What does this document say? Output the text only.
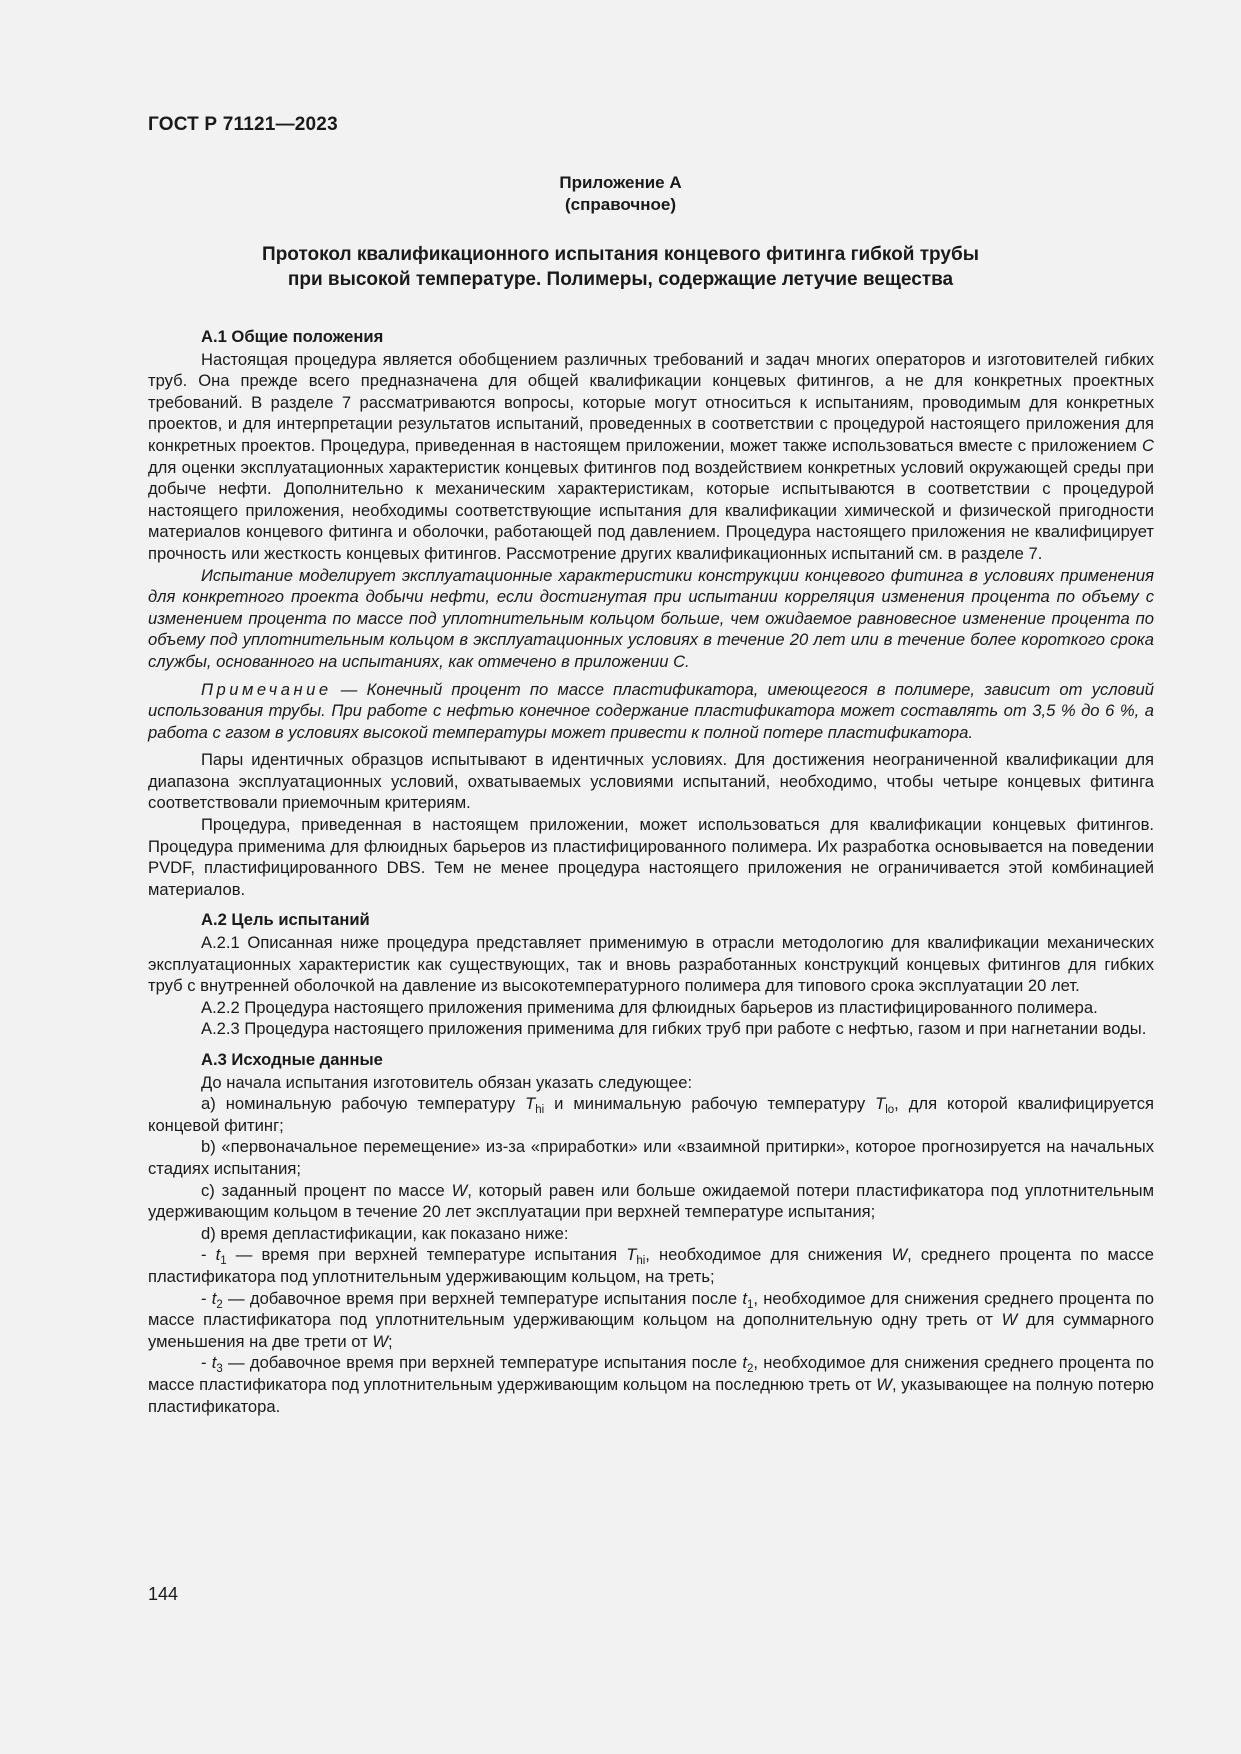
ГОСТ Р 71121—2023
Приложение А
(справочное)
Протокол квалификационного испытания концевого фитинга гибкой трубы
при высокой температуре. Полимеры, содержащие летучие вещества
А.1 Общие положения

Настоящая процедура является обобщением различных требований и задач многих операторов и изготовителей гибких труб. Она прежде всего предназначена для общей квалификации концевых фитингов, а не для конкретных проектных требований. В разделе 7 рассматриваются вопросы, которые могут относиться к испытаниям, проводимым для конкретных проектов, и для интерпретации результатов испытаний, проведенных в соответствии с процедурой настоящего приложения для конкретных проектов. Процедура, приведенная в настоящем приложении, может также использоваться вместе с приложением С для оценки эксплуатационных характеристик концевых фитингов под воздействием конкретных условий окружающей среды при добыче нефти. Дополнительно к механическим характеристикам, которые испытываются в соответствии с процедурой настоящего приложения, необходимы соответствующие испытания для квалификации химической и физической пригодности материалов концевого фитинга и оболочки, работающей под давлением. Процедура настоящего приложения не квалифицирует прочность или жесткость концевых фитингов. Рассмотрение других квалификационных испытаний см. в разделе 7.

Испытание моделирует эксплуатационные характеристики конструкции концевого фитинга в условиях применения для конкретного проекта добычи нефти, если достигнутая при испытании корреляция изменения процента по объему с изменением процента по массе под уплотнительным кольцом больше, чем ожидаемое равновесное изменение процента по объему под уплотнительным кольцом в эксплуатационных условиях в течение 20 лет или в течение более короткого срока службы, основанного на испытаниях, как отмечено в приложении С.

Примечание — Конечный процент по массе пластификатора, имеющегося в полимере, зависит от условий использования трубы. При работе с нефтью конечное содержание пластификатора может составлять от 3,5 % до 6 %, а работа с газом в условиях высокой температуры может привести к полной потере пластификатора.

Пары идентичных образцов испытывают в идентичных условиях. Для достижения неограниченной квалификации для диапазона эксплуатационных условий, охватываемых условиями испытаний, необходимо, чтобы четыре концевых фитинга соответствовали приемочным критериям.

Процедура, приведенная в настоящем приложении, может использоваться для квалификации концевых фитингов. Процедура применима для флюидных барьеров из пластифицированного полимера. Их разработка основывается на поведении PVDF, пластифицированного DBS. Тем не менее процедура настоящего приложения не ограничивается этой комбинацией материалов.

А.2 Цель испытаний

А.2.1 Описанная ниже процедура представляет применимую в отрасли методологию для квалификации механических эксплуатационных характеристик как существующих, так и вновь разработанных конструкций концевых фитингов для гибких труб с внутренней оболочкой на давление из высокотемпературного полимера для типового срока эксплуатации 20 лет.

А.2.2 Процедура настоящего приложения применима для флюидных барьеров из пластифицированного полимера.

А.2.3 Процедура настоящего приложения применима для гибких труб при работе с нефтью, газом и при нагнетании воды.

А.3 Исходные данные

До начала испытания изготовитель обязан указать следующее:

а) номинальную рабочую температуру $T_{hi}$ и минимальную рабочую температуру $T_{lo}$, для которой квалифицируется концевой фитинг;

b) «первоначальное перемещение» из-за «приработки» или «взаимной притирки», которое прогнозируется на начальных стадиях испытания;

c) заданный процент по массе W, который равен или больше ожидаемой потери пластификатора под уплотнительным удерживающим кольцом в течение 20 лет эксплуатации при верхней температуре испытания;

d) время депластификации, как показано ниже:

- $t_1$ — время при верхней температуре испытания $T_{hi}$, необходимое для снижения W, среднего процента по массе пластификатора под уплотнительным удерживающим кольцом, на треть;

- $t_2$ — добавочное время при верхней температуре испытания после $t_1$, необходимое для снижения среднего процента по массе пластификатора под уплотнительным удерживающим кольцом на дополнительную одну треть от W для суммарного уменьшения на две трети от W;

- $t_3$ — добавочное время при верхней температуре испытания после $t_2$, необходимое для снижения среднего процента по массе пластификатора под уплотнительным удерживающим кольцом на последнюю треть от W, указывающее на полную потерю пластификатора.

144
